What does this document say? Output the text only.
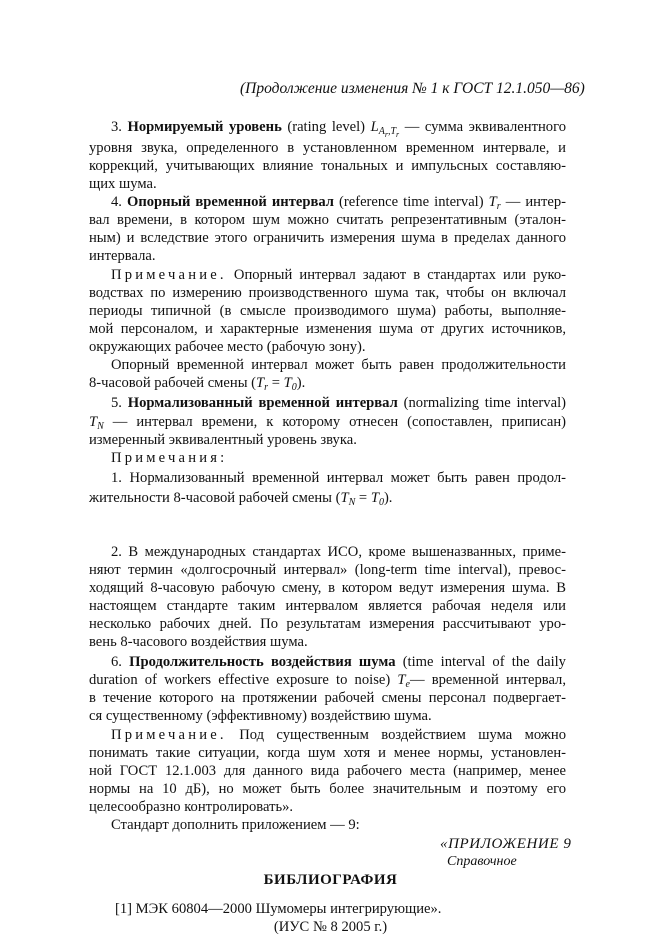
(Продолжение изменения № 1 к ГОСТ 12.1.050—86)
3. Нормируемый уровень (rating level) $L_{A_r,T_r}$ — сумма эквивалентного
уровня звука, определенного в установленном временном интервале, и
коррекций, учитывающих влияние тональных и импульсных составляю-
щих шума.
4. Опорный временной интервал (reference time interval) $T_r$ — интер-
вал времени, в котором шум можно считать репрезентативным (эталон-
ным) и вследствие этого ограничить измерения шума в пределах данного
интервала.
Примечание. Опорный интервал задают в стандартах или руко-
водствах по измерению производственного шума так, чтобы он включал
периоды типичной (в смысле производимого шума) работы, выполняе-
мой персоналом, и характерные изменения шума от других источников,
окружающих рабочее место (рабочую зону).
Опорный временной интервал может быть равен продолжительности
8-часовой рабочей смены $(T_r = T_0)$.
5. Нормализованный временной интервал (normalizing time interval)
$T_N$ — интервал времени, к которому отнесен (сопоставлен, приписан)
измеренный эквивалентный уровень звука.
Примечания:
1. Нормализованный временной интервал может быть равен продол-
жительности 8-часовой рабочей смены $(T_N = T_0)$.
2. В международных стандартах ИСО, кроме вышеназванных, приме-
няют термин «долгосрочный интервал» (long-term time interval), превос-
ходящий 8-часовую рабочую смену, в котором ведут измерения шума. В
настоящем стандарте таким интервалом является рабочая неделя или
несколько рабочих дней. По результатам измерения рассчитывают уро-
вень 8-часового воздействия шума.
6. Продолжительность воздействия шума (time interval of the daily
duration of workers effective exposure to noise) $T_e—$ временной интервал,
в течение которого на протяжении рабочей смены персонал подвергает-
ся существенному (эффективному) воздействию шума.
Примечание. Под существенным воздействием шума можно
понимать такие ситуации, когда шум хотя и менее нормы, установлен-
ной ГОСТ 12.1.003 для данного вида рабочего места (например, менее
нормы на 10 дБ), но может быть более значительным и поэтому его
целесообразно контролировать».
Стандарт дополнить приложением — 9:
«ПРИЛОЖЕНИЕ 9
Справочное
БИБЛИОГРАФИЯ
[1] МЭК 60804—2000 Шумомеры интегрирующие».
(ИУС № 8 2005 г.)
